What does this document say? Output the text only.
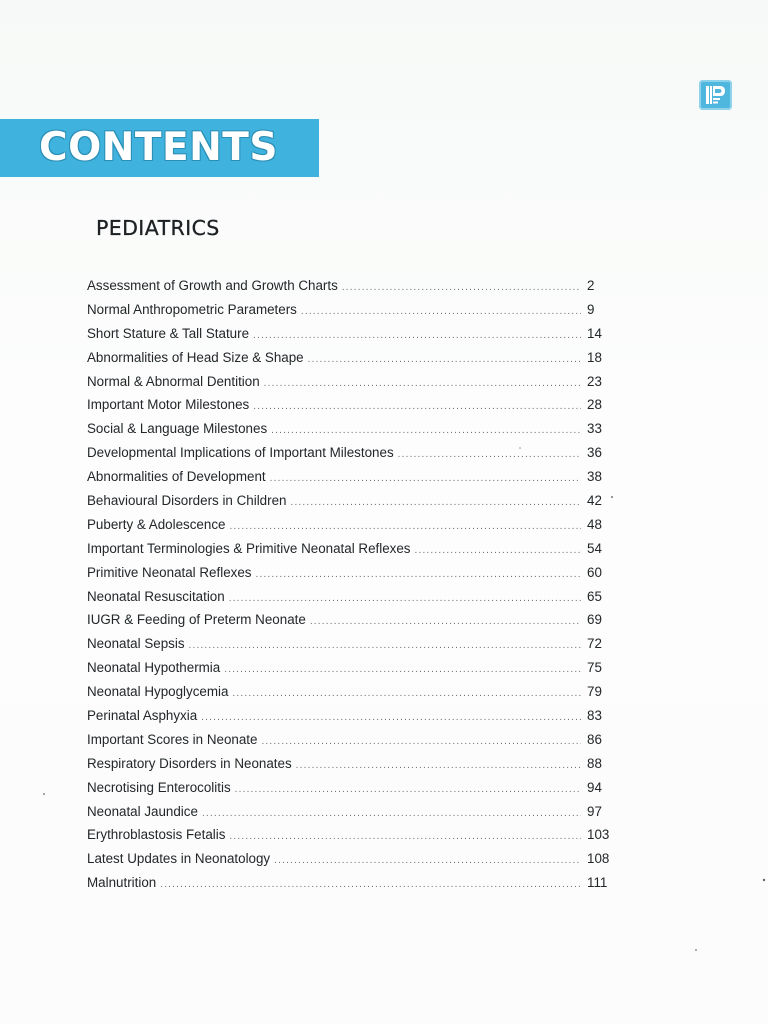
CONTENTS
PEDIATRICS
Assessment of Growth and Growth Charts .....	2
Normal Anthropometric Parameters .....	9
Short Stature & Tall Stature .....	14
Abnormalities of Head Size & Shape .....	18
Normal & Abnormal Dentition .....	23
Important Motor Milestones .....	28
Social & Language Milestones .....	33
Developmental Implications of Important Milestones .....	36
Abnormalities of Development .....	38
Behavioural Disorders in Children .....	42
Puberty & Adolescence .....	48
Important Terminologies & Primitive Neonatal Reflexes .....	54
Primitive Neonatal Reflexes .....	60
Neonatal Resuscitation .....	65
IUGR & Feeding of Preterm Neonate .....	69
Neonatal Sepsis .....	72
Neonatal Hypothermia .....	75
Neonatal Hypoglycemia .....	79
Perinatal Asphyxia .....	83
Important Scores in Neonate .....	86
Respiratory Disorders in Neonates .....	88
Necrotising Enterocolitis .....	94
Neonatal Jaundice .....	97
Erythroblastosis Fetalis .....	103
Latest Updates in Neonatology .....	108
Malnutrition .....	111
